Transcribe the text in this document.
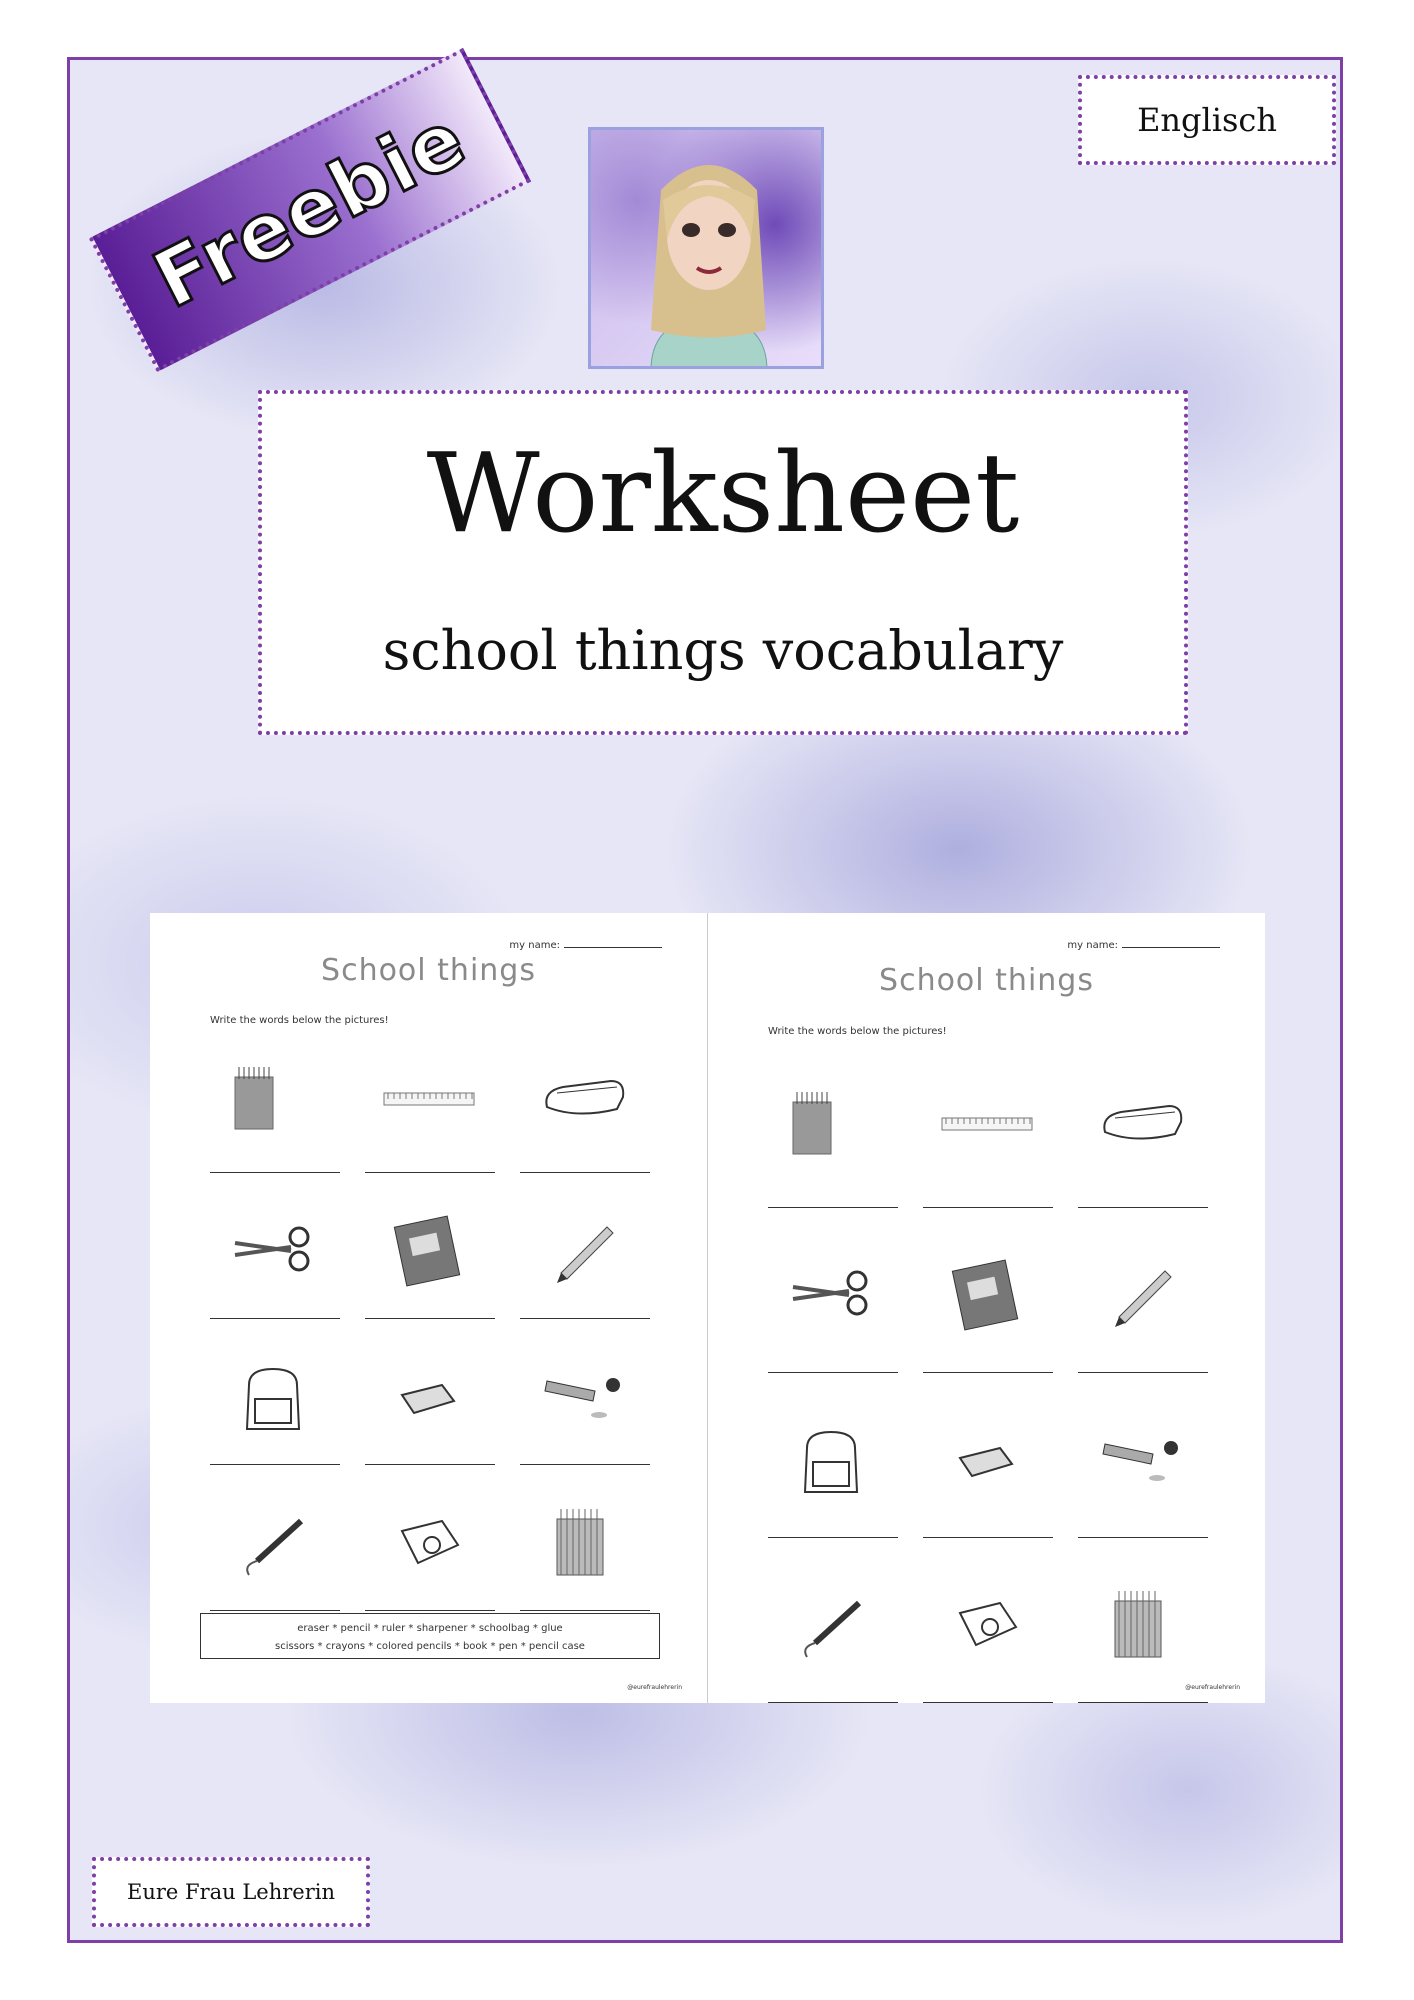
Freebie	Englisch
Worksheet
school things vocabulary
my name:
School things
Write the words below the pictures!
eraser * pencil * ruler * sharpener * schoolbag * glue
scissors * crayons * colored pencils * book * pen * pencil case
@eurefraulehrerin
my name:
School things
Write the words below the pictures!
@eurefraulehrerin
Eure Frau Lehrerin
